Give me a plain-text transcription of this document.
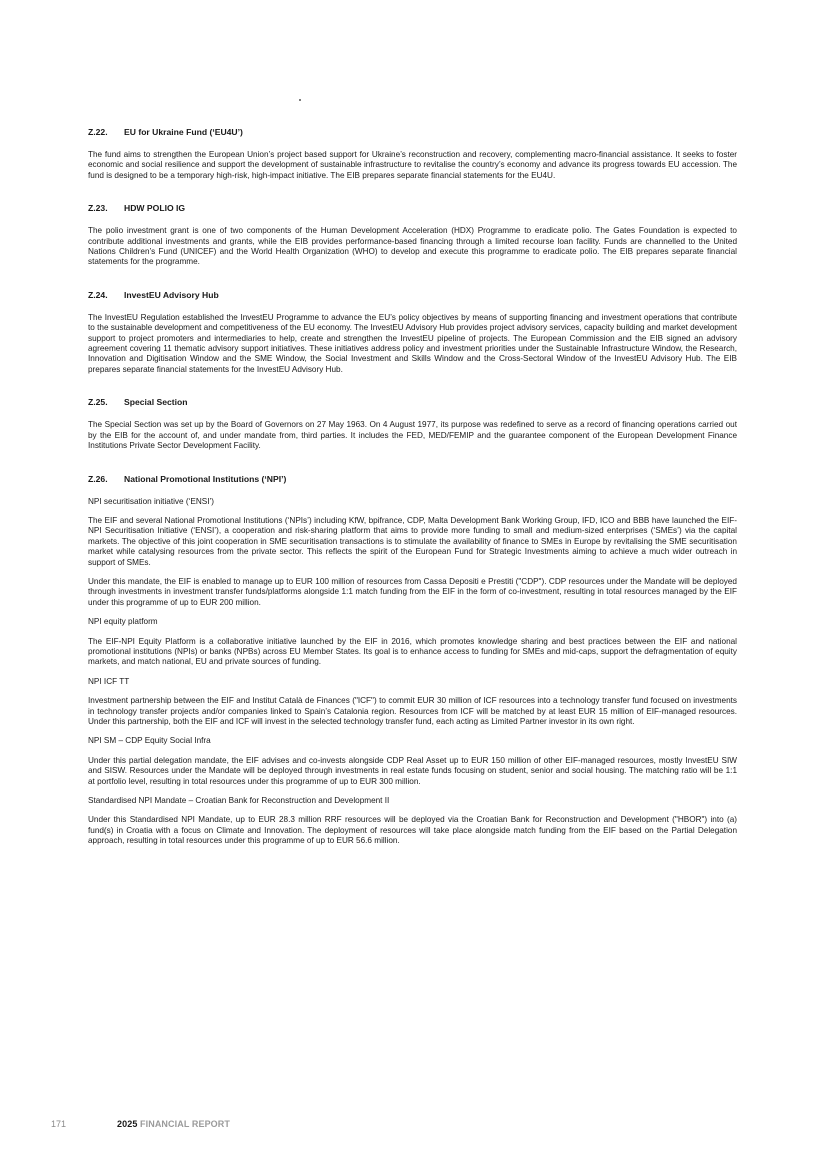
Z.22.	EU for Ukraine Fund (‘EU4U’)

The fund aims to strengthen the European Union’s project based support for Ukraine’s reconstruction and recovery, complementing macro-financial assistance. It seeks to foster economic and social resilience and support the development of sustainable infrastructure to revitalise the country’s economy and advance its progress towards EU accession. The fund is designed to be a temporary high-risk, high-impact initiative. The EIB prepares separate financial statements for the EU4U.

Z.23.	HDW POLIO IG

The polio investment grant is one of two components of the Human Development Acceleration (HDX) Programme to eradicate polio. The Gates Foundation is expected to contribute additional investments and grants, while the EIB provides performance-based financing through a limited recourse loan facility. Funds are channelled to the United Nations Children’s Fund (UNICEF) and the World Health Organization (WHO) to develop and execute this programme to eradicate polio. The EIB prepares separate financial statements for the programme.

Z.24.	InvestEU Advisory Hub

The InvestEU Regulation established the InvestEU Programme to advance the EU’s policy objectives by means of supporting financing and investment operations that contribute to the sustainable development and competitiveness of the EU economy. The InvestEU Advisory Hub provides project advisory services, capacity building and market development support to project promoters and intermediaries to help, create and strengthen the InvestEU pipeline of projects. The European Commission and the EIB signed an advisory agreement covering 11 thematic advisory support initiatives. These initiatives address policy and investment priorities under the Sustainable Infrastructure Window, the Research, Innovation and Digitisation Window and the SME Window, the Social Investment and Skills Window and the Cross-Sectoral Window of the InvestEU Advisory Hub. The EIB prepares separate financial statements for the InvestEU Advisory Hub.

Z.25.	Special Section

The Special Section was set up by the Board of Governors on 27 May 1963. On 4 August 1977, its purpose was redefined to serve as a record of financing operations carried out by the EIB for the account of, and under mandate from, third parties. It includes the FED, MED/FEMIP and the guarantee component of the European Development Finance Institutions Private Sector Development Facility.

Z.26.	National Promotional Institutions (‘NPI’)
NPI securitisation initiative (‘ENSI’)

The EIF and several National Promotional Institutions (‘NPIs’) including KfW, bpifrance, CDP, Malta Development Bank Working Group, IFD, ICO and BBB have launched the EIF-NPI Securitisation Initiative (‘ENSI’), a cooperation and risk-sharing platform that aims to provide more funding to small and medium-sized enterprises (‘SMEs’) via the capital markets. The objective of this joint cooperation in SME securitisation transactions is to stimulate the availability of finance to SMEs in Europe by revitalising the SME securitisation market while catalysing resources from the private sector. This reflects the spirit of the European Fund for Strategic Investments aiming to achieve a much wider outreach in support of SMEs.

Under this mandate, the EIF is enabled to manage up to EUR 100 million of resources from Cassa Depositi e Prestiti ("CDP"). CDP resources under the Mandate will be deployed through investments in investment transfer funds/platforms alongside 1:1 match funding from the EIF in the form of co-investment, resulting in total resources managed by the EIF under this programme of up to EUR 200 million.

NPI equity platform

The EIF-NPI Equity Platform is a collaborative initiative launched by the EIF in 2016, which promotes knowledge sharing and best practices between the EIF and national promotional institutions (NPIs) or banks (NPBs) across EU Member States. Its goal is to enhance access to funding for SMEs and mid-caps, support the defragmentation of equity markets, and match national, EU and private sources of funding.

NPI ICF TT

Investment partnership between the EIF and Institut Català de Finances ("ICF") to commit EUR 30 million of ICF resources into a technology transfer fund focused on investments in technology transfer projects and/or companies linked to Spain’s Catalonia region. Resources from ICF will be matched by at least EUR 15 million of EIF-managed resources. Under this partnership, both the EIF and ICF will invest in the selected technology transfer fund, each acting as Limited Partner investor in its own right.

NPI SM – CDP Equity Social Infra

Under this partial delegation mandate, the EIF advises and co-invests alongside CDP Real Asset up to EUR 150 million of other EIF-managed resources, mostly InvestEU SIW and SISW. Resources under the Mandate will be deployed through investments in real estate funds focusing on student, senior and social housing. The matching ratio will be 1:1 at portfolio level, resulting in total resources under this programme of up to EUR 300 million.

Standardised NPI Mandate – Croatian Bank for Reconstruction and Development II

Under this Standardised NPI Mandate, up to EUR 28.3 million RRF resources will be deployed via the Croatian Bank for Reconstruction and Development ("HBOR") into (a) fund(s) in Croatia with a focus on Climate and Innovation. The deployment of resources will take place alongside match funding from the EIF based on the Partial Delegation approach, resulting in total resources under this programme of up to EUR 56.6 million.

171	2025 FINANCIAL REPORT
